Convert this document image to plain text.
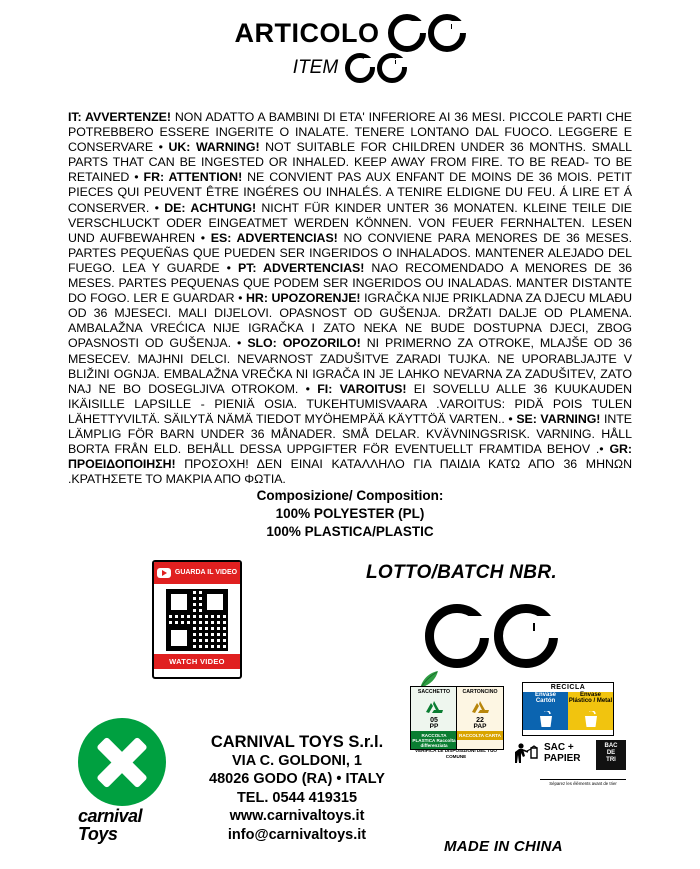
ARTICOLO
ITEM
IT: AVVERTENZE! NON ADATTO A BAMBINI DI ETA' INFERIORE AI 36 MESI. PICCOLE PARTI CHE POTREBBERO ESSERE INGERITE O INALATE. TENERE LONTANO DAL FUOCO. LEGGERE E CONSERVARE • UK: WARNING! NOT SUITABLE FOR CHILDREN UNDER 36 MONTHS. SMALL PARTS THAT CAN BE INGESTED OR INHALED. KEEP AWAY FROM FIRE. TO BE READ- TO BE RETAINED • FR: ATTENTION! NE CONVIENT PAS AUX ENFANT DE MOINS DE 36 MOIS. PETIT PIECES QUI PEUVENT ÊTRE INGÉRES OU INHALÉS. A TENIRE ELDIGNE DU FEU. Á LIRE ET Á CONSERVER. • DE: ACHTUNG! NICHT FÜR KINDER UNTER 36 MONATEN. KLEINE TEILE DIE VERSCHLUCKT ODER EINGEATMET WERDEN KÖNNEN. VON FEUER FERNHALTEN. LESEN UND AUFBEWAHREN • ES: ADVERTENCIAS! NO CONVIENE PARA MENORES DE 36 MESES. PARTES PEQUEÑAS QUE PUEDEN SER INGERIDOS O INHALADOS. MANTENER ALEJADO DEL FUEGO. LEA Y GUARDE • PT: ADVERTENCIAS! NAO RECOMENDADO A MENORES DE 36 MESES. PARTES PEQUENAS QUE PODEM SER INGERIDOS OU INALADAS. MANTER DISTANTE DO FOGO. LER E GUARDAR • HR: UPOZORENJE! IGRAČKA NIJE PRIKLADNA ZA DJECU MLAĐU OD 36 MJESECI. MALI DIJELOVI. OPASNOST OD GUŠENJA. DRŽATI DALJE OD PLAMENA. AMBALAŽNA VREĆICA NIJE IGRAČKA I ZATO NEKA NE BUDE DOSTUPNA DJECI, ZBOG OPASNOSTI OD GUŠENJA. • SLO: OPOZORILO! NI PRIMERNO ZA OTROKE, MLAJŠE OD 36 MESECEV. MAJHNI DELCI. NEVARNOST ZADUŠITVE ZARADI TUJKA. NE UPORABLJAJTE V BLIŽINI OGNJA. EMBALAŽNA VREČKA NI IGRAČA IN JE LAHKO NEVARNA ZA ZADUŠITEV, ZATO NAJ NE BO DOSEGLJIVA OTROKOM. • FI: VAROITUS! EI SOVELLU ALLE 36 KUUKAUDEN IKÄISILLE LAPSILLE - PIENIÄ OSIA. TUKEHTUMISVAARA .VAROITUS: PIDÄ POIS TULEN LÄHETTYVILTÄ. SÄILYTÄ NÄMÄ TIEDOT MYÖHEMPÄÄ KÄYTTÖÄ VARTEN.. • SE: VARNING! INTE LÄMPLIG FÖR BARN UNDER 36 MÅNADER. SMÅ DELAR. KVÄVNINGSRISK. VARNING. HÅLL BORTA FRÅN ELD. BEHÅLL DESSA UPPGIFTER FÖR EVENTUELLT FRAMTIDA BEHOV .• GR: ΠΡΟΕΙΔΟΠΟΙΗΣΗ! ΠΡΟΣΟΧΗ! ΔΕΝ ΕΙΝΑΙ ΚΑΤΑΛΛΗΛΟ ΓΙΑ ΠΑΙΔΙΑ ΚΑΤΩ ΑΠΟ 36 ΜΗΝΩΝ .ΚΡΑΤΗΣΕΤΕ ΤΟ ΜΑΚΡΙΑ ΑΠΟ ΦΩΤΙΑ.
Composizione/ Composition:
100% POLYESTER (PL)
100% PLASTICA/PLASTIC
GUARDA IL VIDEO
WATCH VIDEO
LOTTO/BATCH NBR.
carnival
Toys
CARNIVAL TOYS S.r.l.
VIA C. GOLDONI, 1
48026 GODO (RA) • ITALY
TEL. 0544 419315
www.carnivaltoys.it
info@carnivaltoys.it
SACCHETTO
05
PP
RACCOLTA PLASTICA Raccolta differenziata
CARTONCINO
22
PAP
RACCOLTA CARTA
VERIFICA LE DISPOSIZIONI DEL TUO COMUNE
RECICLA
Envase
Cartón
Envase
Plástico / Metal
SAC +
PAPIER
BAC
DE
TRI
Séparez les éléments avant de trier
MADE IN CHINA
